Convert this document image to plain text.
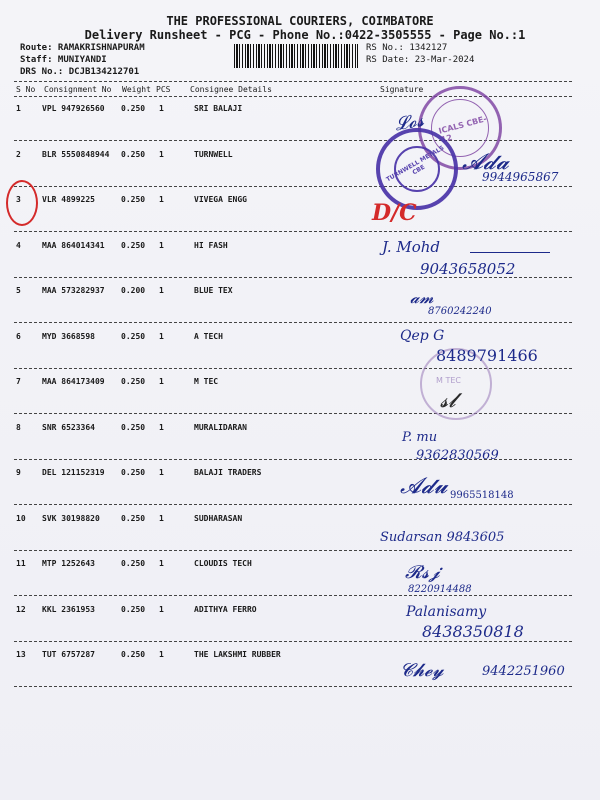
THE PROFESSIONAL COURIERS, COIMBATORE
Delivery Runsheet - PCG - Phone No.:0422-3505555 - Page No.:1
Route: RAMAKRISHNAPURAM
Staff: MUNIYANDI
DRS No.: DCJB134212701
RS No.: 1342127
RS Date: 23-Mar-2024
S No Consignment No Weight PCS Consignee Details	Signature
1	VPL 947926560 0.250 1	SRI BALAJI
2	BLR 5550848944 0.250 1	TURNWELL
3	VLR 4899225	0.250 1	VIVEGA ENGG
4	MAA 864014341 0.250 1	HI FASH
5	MAA 573282937 0.200 1	BLUE TEX
6	MYD 3668598	0.250 1	A TECH
7	MAA 864173409 0.250 1	M TEC
8	SNR 6523364	0.250 1	MURALIDARAN
9	DEL 121152319 0.250 1	BALAJI TRADERS
10 SVK 30198820	0.250 1	SUDHARASAN
11 MTP 1252643	0.250 1	CLOUDIS TECH
12 KKL 2361953	0.250 1	ADITHYA FERRO
13 TUT 6757287	0.250 1	THE LAKSHMI RUBBER
ICALS CBE-12
TURNWELL METALS CBE
M TEC
𝓛𝓸𝓼
𝓐𝓭𝓪
9944965867
D/C
J. Mohd
9043658052
𝓪𝓶
8760242240
Qep G
8489791466
𝓼𝓵
P. mu
9362830569
𝓐𝓭𝓾 9965518148
Sudarsan 9843605
𝓡𝓼𝓳
8220914488
Palanisamy
8438350818
𝓒𝓱𝓮𝔂	9442251960
